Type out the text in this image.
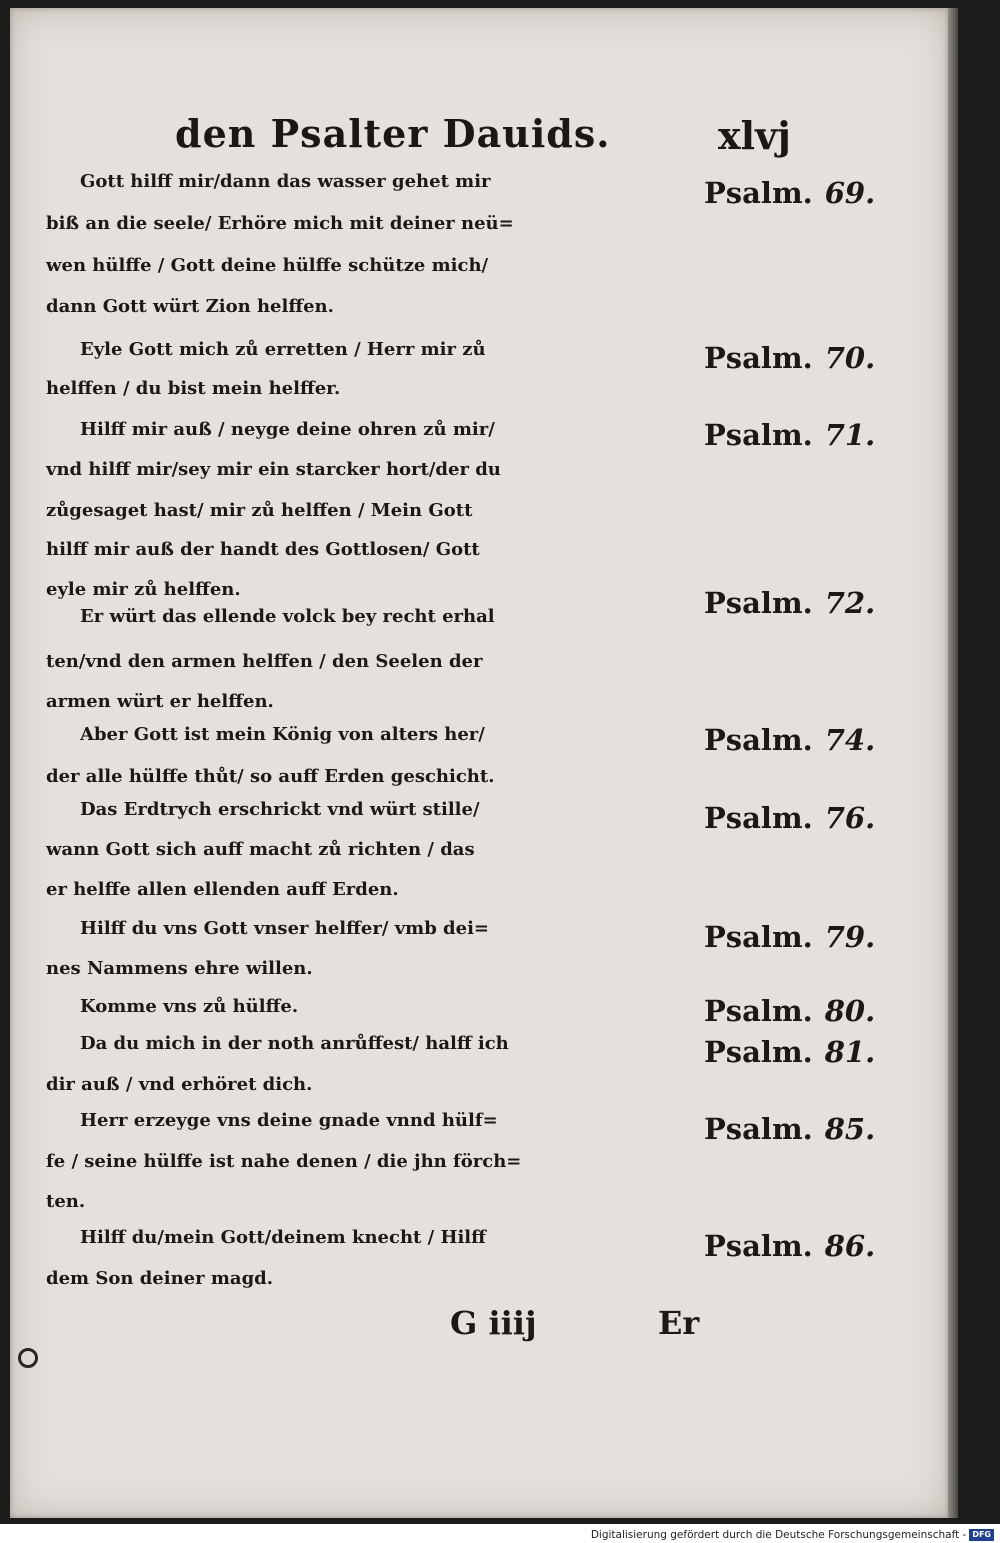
den Psalter Dauids.	xlvj
Gott hilff mir/dann das wasser gehet mir
biß an die seele/ Erhöre mich mit deiner neü=
wen hülffe / Gott deine hülffe schütze mich/
dann Gott würt Zion helffen.
Psalm. 69.
Eyle Gott mich zů erretten / Herr mir zů
helffen / du bist mein helffer.
Psalm. 70.
Hilff mir auß / neyge deine ohren zů mir/
vnd hilff mir/sey mir ein starcker hort/der du
zůgesaget hast/ mir zů helffen / Mein Gott
hilff mir auß der handt des Gottlosen/ Gott
eyle mir zů helffen.
Psalm. 71.
Er würt das ellende volck bey recht erhal
ten/vnd den armen helffen / den Seelen der
armen würt er helffen.
Psalm. 72.
Aber Gott ist mein König von alters her/
der alle hülffe thůt/ so auff Erden geschicht.
Psalm. 74.
Das Erdtrych erschrickt vnd würt stille/
wann Gott sich auff macht zů richten / das
er helffe allen ellenden auff Erden.
Psalm. 76.
Hilff du vns Gott vnser helffer/ vmb dei=
nes Nammens ehre willen.
Psalm. 79.
Komme vns zů hülffe.	Psalm. 80.
Da du mich in der noth anrůffest/ halff ich
dir auß / vnd erhöret dich.
Psalm. 81.
Herr erzeyge vns deine gnade vnnd hülf=
fe / seine hülffe ist nahe denen / die jhn förch=
ten.
Psalm. 85.
Hilff du/mein Gott/deinem knecht / Hilff
dem Son deiner magd.
Psalm. 86.
G iiij	Er
Digitalisierung gefördert durch die Deutsche Forschungsgemeinschaft - DFG
